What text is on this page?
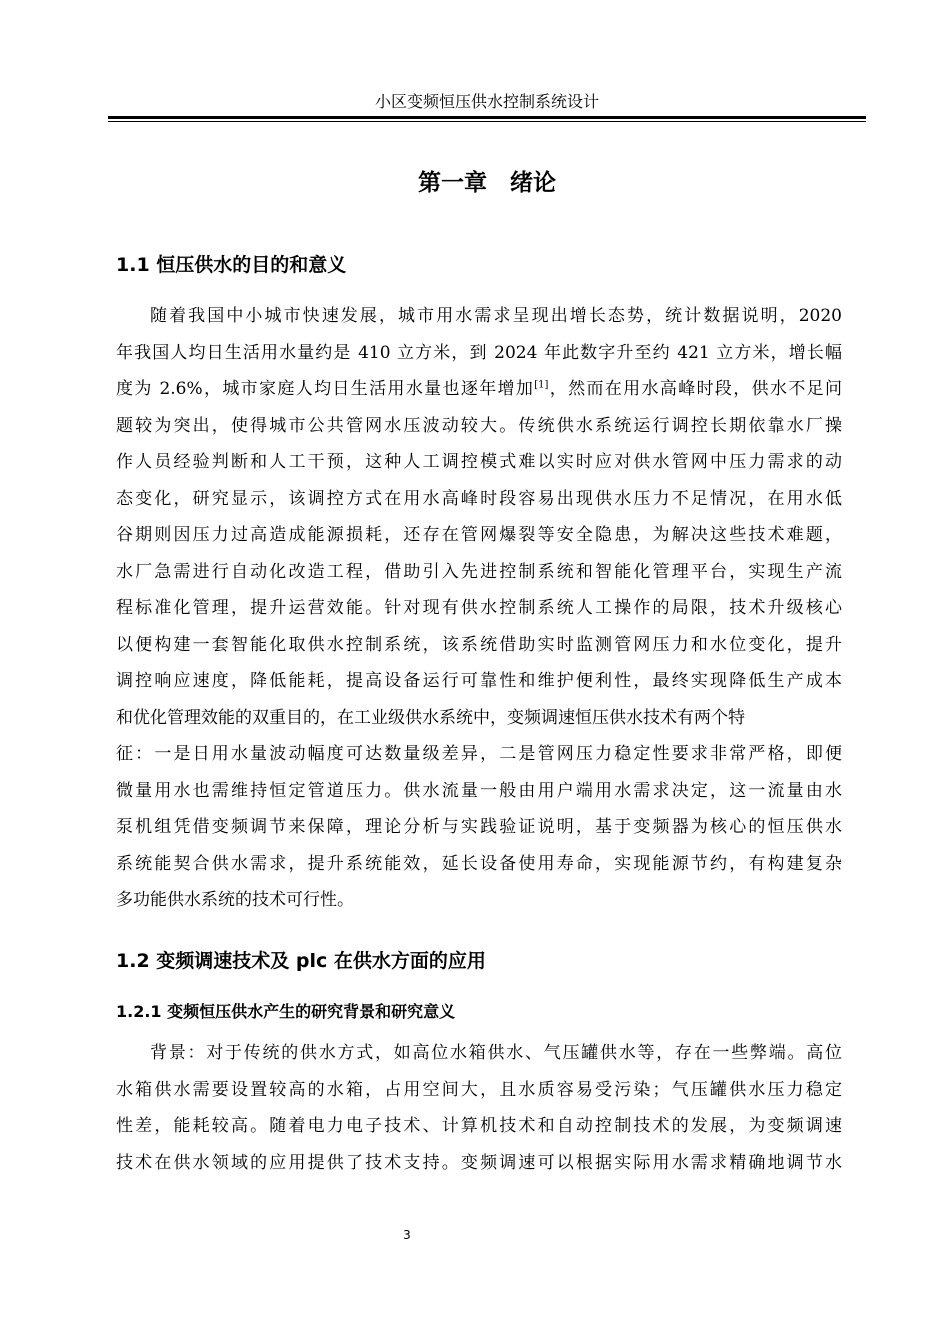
小区变频恒压供水控制系统设计
第一章　绪论
1.1 恒压供水的目的和意义
随着我国中小城市快速发展，城市用水需求呈现出增长态势，统计数据说明，2020
年我国人均日生活用水量约是 410 立方米，到 2024 年此数字升至约 421 立方米，增长幅
度为 2.6%，城市家庭人均日生活用水量也逐年增加[1]，然而在用水高峰时段，供水不足问
题较为突出，使得城市公共管网水压波动较大。传统供水系统运行调控长期依靠水厂操
作人员经验判断和人工干预，这种人工调控模式难以实时应对供水管网中压力需求的动
态变化，研究显示，该调控方式在用水高峰时段容易出现供水压力不足情况，在用水低
谷期则因压力过高造成能源损耗，还存在管网爆裂等安全隐患，为解决这些技术难题，
水厂急需进行自动化改造工程，借助引入先进控制系统和智能化管理平台，实现生产流
程标准化管理，提升运营效能。针对现有供水控制系统人工操作的局限，技术升级核心
以便构建一套智能化取供水控制系统，该系统借助实时监测管网压力和水位变化，提升
调控响应速度，降低能耗，提高设备运行可靠性和维护便利性，最终实现降低生产成本
和优化管理效能的双重目的，在工业级供水系统中，变频调速恒压供水技术有两个特
征：一是日用水量波动幅度可达数量级差异，二是管网压力稳定性要求非常严格，即便
微量用水也需维持恒定管道压力。供水流量一般由用户端用水需求决定，这一流量由水
泵机组凭借变频调节来保障，理论分析与实践验证说明，基于变频器为核心的恒压供水
系统能契合供水需求，提升系统能效，延长设备使用寿命，实现能源节约，有构建复杂
多功能供水系统的技术可行性。
1.2 变频调速技术及 plc 在供水方面的应用
1.2.1 变频恒压供水产生的研究背景和研究意义
背景：对于传统的供水方式，如高位水箱供水、气压罐供水等，存在一些弊端。高位
水箱供水需要设置较高的水箱，占用空间大，且水质容易受污染；气压罐供水压力稳定
性差，能耗较高。随着电力电子技术、计算机技术和自动控制技术的发展，为变频调速
技术在供水领域的应用提供了技术支持。变频调速可以根据实际用水需求精确地调节水
3
